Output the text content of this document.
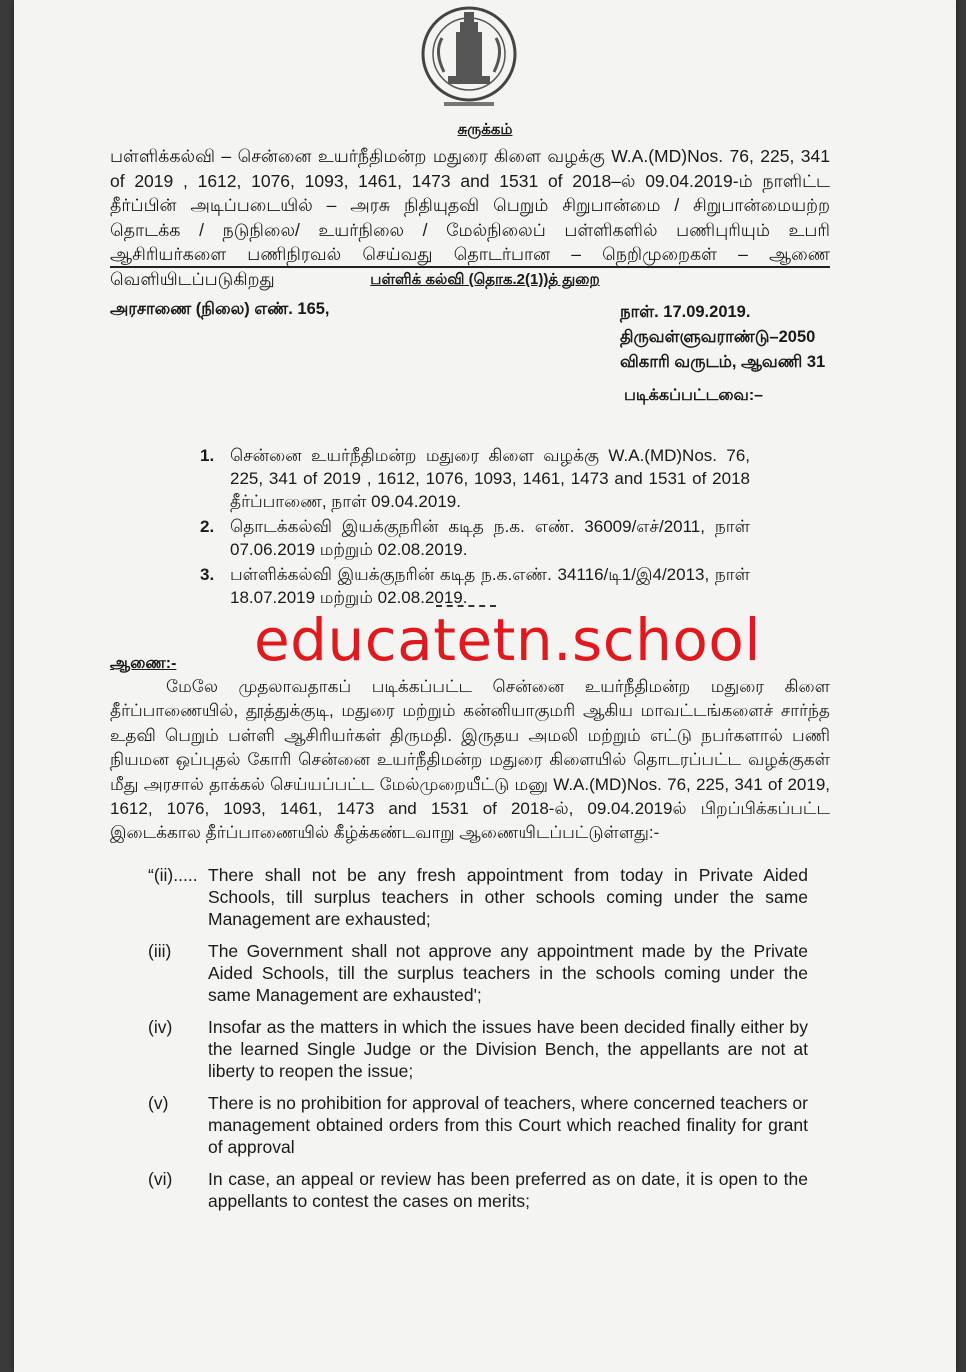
சுருக்கம்
பள்ளிக்கல்வி – சென்னை உயர்நீதிமன்ற மதுரை கிளை வழக்கு W.A.(MD)Nos. 76, 225, 341 of 2019 , 1612, 1076, 1093, 1461, 1473 and 1531 of 2018–ல் 09.04.2019-ம் நாளிட்ட தீர்ப்பின் அடிப்படையில் – அரசு நிதியுதவி பெறும் சிறுபான்மை / சிறுபான்மையற்ற தொடக்க / நடுநிலை/ உயர்நிலை / மேல்நிலைப் பள்ளிகளில் பணிபுரியும் உபரி ஆசிரியர்களை பணிநிரவல் செய்வது தொடர்பான – நெறிமுறைகள் – ஆணை வெளியிடப்படுகிறது	பள்ளிக் கல்வி (தொக.2(1))த் துறை
அரசாணை (நிலை) எண். 165,	நாள். 17.09.2019.
திருவள்ளுவராண்டு–2050
விகாரி வருடம், ஆவணி 31
படிக்கப்பட்டவை:–
1. சென்னை உயர்நீதிமன்ற மதுரை கிளை வழக்கு W.A.(MD)Nos. 76, 225, 341 of 2019 , 1612, 1076, 1093, 1461, 1473 and 1531 of 2018 தீர்ப்பாணை, நாள் 09.04.2019.
2. தொடக்கல்வி இயக்குநரின் கடித ந.க. எண். 36009/எச்/2011, நாள் 07.06.2019 மற்றும் 02.08.2019.
3. பள்ளிக்கல்வி இயக்குநரின் கடித ந.க.எண். 34116/டி1/இ4/2013, நாள் 18.07.2019 மற்றும் 02.08.2019.
educatetn.school
ஆணை:-
மேலே முதலாவதாகப் படிக்கப்பட்ட சென்னை உயர்நீதிமன்ற மதுரை கிளை தீர்ப்பாணையில், தூத்துக்குடி, மதுரை மற்றும் கன்னியாகுமரி ஆகிய மாவட்டங்களைச் சார்ந்த உதவி பெறும் பள்ளி ஆசிரியர்கள் திருமதி. இருதய அமலி மற்றும் எட்டு நபர்களால் பணி நியமன ஒப்புதல் கோரி சென்னை உயர்நீதிமன்ற மதுரை கிளையில் தொடரப்பட்ட வழக்குகள் மீது அரசால் தாக்கல் செய்யப்பட்ட மேல்முறையீட்டு மனு W.A.(MD)Nos. 76, 225, 341 of 2019, 1612, 1076, 1093, 1461, 1473 and 1531 of 2018-ல், 09.04.2019ல் பிறப்பிக்கப்பட்ட இடைக்கால தீர்ப்பாணையில் கீழ்க்கண்டவாறு ஆணையிடப்பட்டுள்ளது:-
“(ii)..... There shall not be any fresh appointment from today in Private Aided Schools, till surplus teachers in other schools coming under the same Management are exhausted;
(iii)	The Government shall not approve any appointment made by the Private Aided Schools, till the surplus teachers in the schools coming under the same Management are exhausted';
(iv)	Insofar as the matters in which the issues have been decided finally either by the learned Single Judge or the Division Bench, the appellants are not at liberty to reopen the issue;
(v)	There is no prohibition for approval of teachers, where concerned teachers or management obtained orders from this Court which reached finality for grant of approval
(vi)	In case, an appeal or review has been preferred as on date, it is open to the appellants to contest the cases on merits;
